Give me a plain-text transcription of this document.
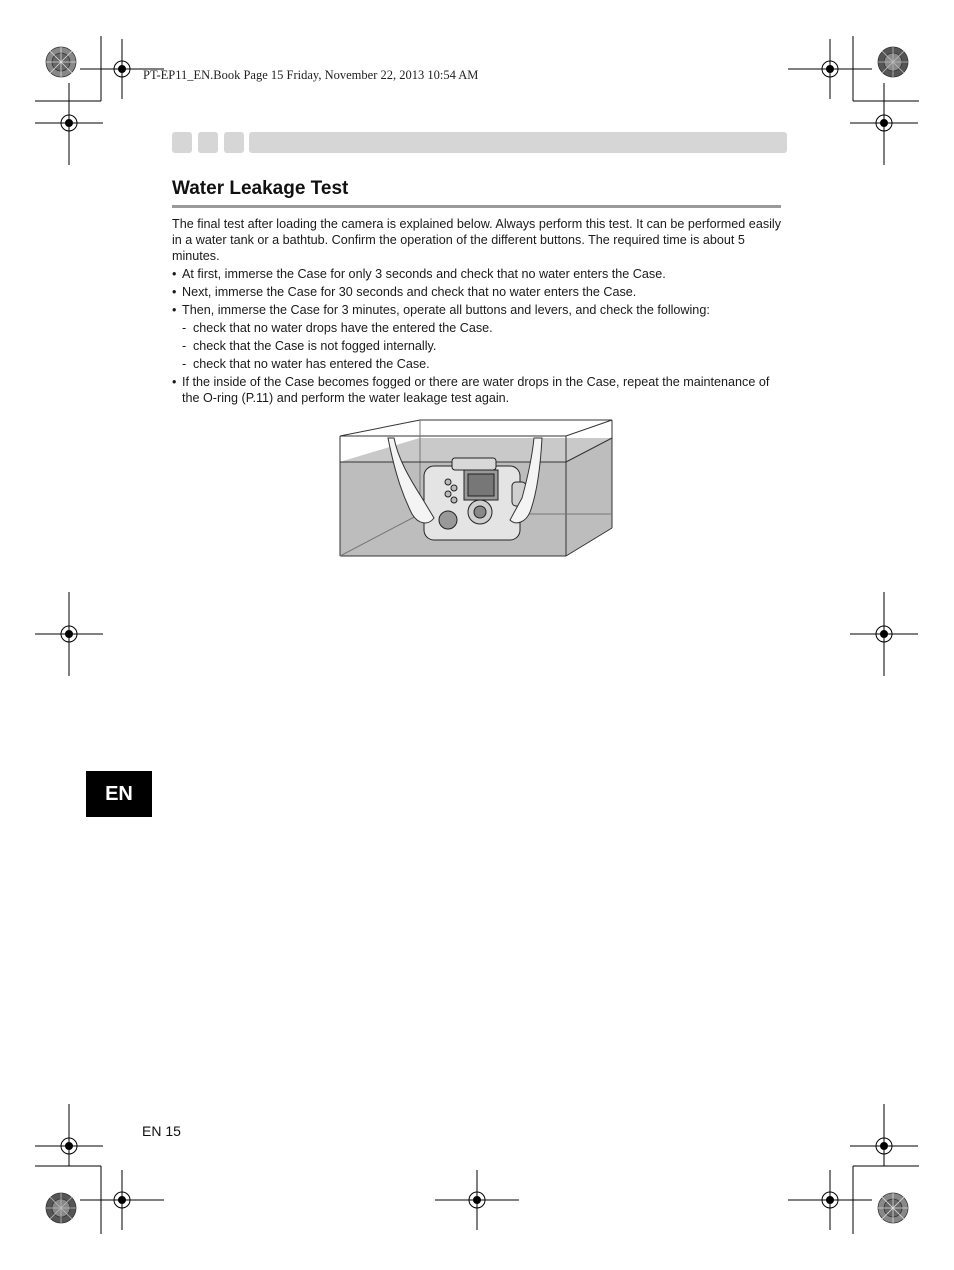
PT-EP11_EN.Book Page 15 Friday, November 22, 2013 10:54 AM
Water Leakage Test

The final test after loading the camera is explained below. Always perform this test. It can be performed easily in a water tank or a bathtub. Confirm the operation of the different buttons. The required time is about 5 minutes.

• At first, immerse the Case for only 3 seconds and check that no water enters the Case.
• Next, immerse the Case for 30 seconds and check that no water enters the Case.
• Then, immerse the Case for 3 minutes, operate all buttons and levers, and check the following:
- check that no water drops have the entered the Case.
- check that the Case is not fogged internally.
- check that no water has entered the Case.
• If the inside of the Case becomes fogged or there are water drops in the Case, repeat the maintenance of the O-ring (P.11) and perform the water leakage test again.
EN
EN 15
